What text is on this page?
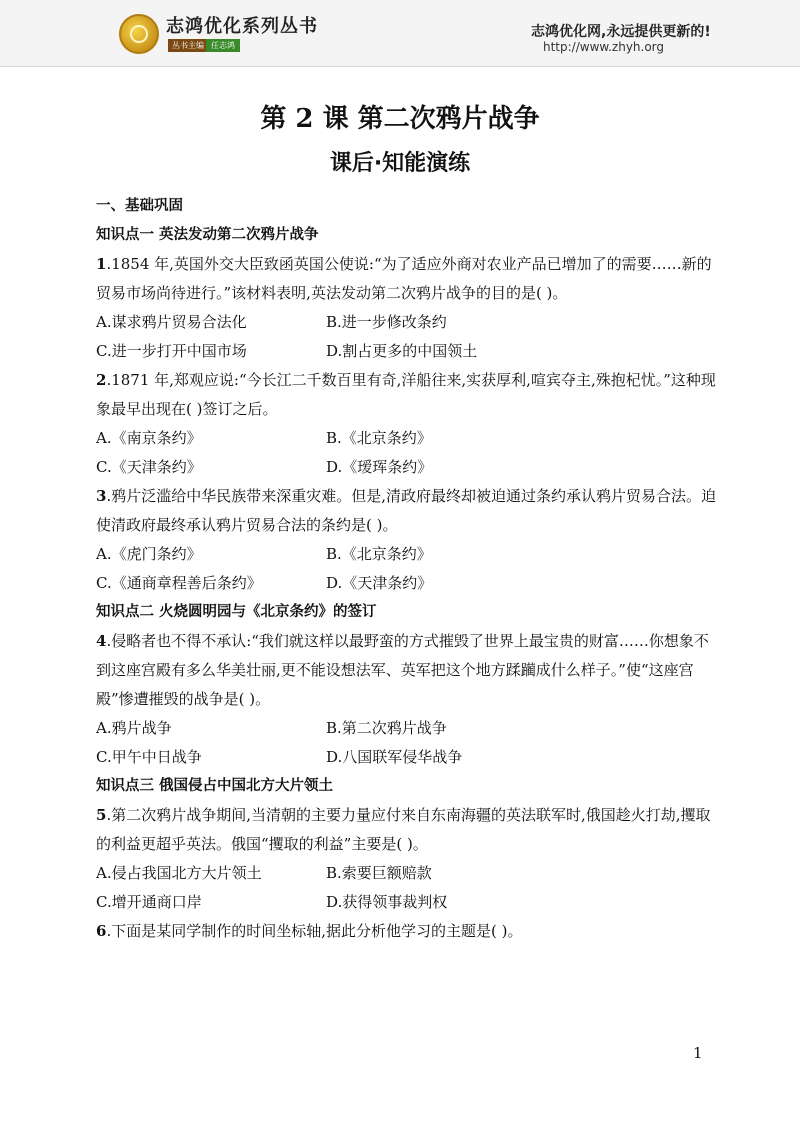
志鸿优化系列丛书
丛书主编 任志鸿
志鸿优化网,永远提供更新的!
http://www.zhyh.org
第 2 课 第二次鸦片战争
课后·知能演练
一、基础巩固
知识点一 英法发动第二次鸦片战争

1.1854 年,英国外交大臣致函英国公使说:“为了适应外商对农业产品已增加了的需要……新的贸易市场尚待进行。”该材料表明,英法发动第二次鸦片战争的目的是( )。

A.谋求鸦片贸易合法化	B.进一步修改条约
C.进一步打开中国市场	D.割占更多的中国领土

2.1871 年,郑观应说:“今长江二千数百里有奇,洋船往来,实获厚利,喧宾夺主,殊抱杞忧。”这种现象最早出现在( )签订之后。

A.《南京条约》	B.《北京条约》
C.《天津条约》	D.《瑷珲条约》

3.鸦片泛滥给中华民族带来深重灾难。但是,清政府最终却被迫通过条约承认鸦片贸易合法。迫使清政府最终承认鸦片贸易合法的条约是( )。

A.《虎门条约》	B.《北京条约》
C.《通商章程善后条约》	D.《天津条约》
知识点二 火烧圆明园与《北京条约》的签订

4.侵略者也不得不承认:“我们就这样以最野蛮的方式摧毁了世界上最宝贵的财富……你想象不到这座宫殿有多么华美壮丽,更不能设想法军、英军把这个地方蹂躏成什么样子。”使“这座宫殿”惨遭摧毁的战争是( )。

A.鸦片战争	B.第二次鸦片战争
C.甲午中日战争	D.八国联军侵华战争
知识点三 俄国侵占中国北方大片领土

5.第二次鸦片战争期间,当清朝的主要力量应付来自东南海疆的英法联军时,俄国趁火打劫,攫取的利益更超乎英法。俄国“攫取的利益”主要是( )。

A.侵占我国北方大片领土	B.索要巨额赔款
C.增开通商口岸	D.获得领事裁判权

6.下面是某同学制作的时间坐标轴,据此分析他学习的主题是( )。

1
